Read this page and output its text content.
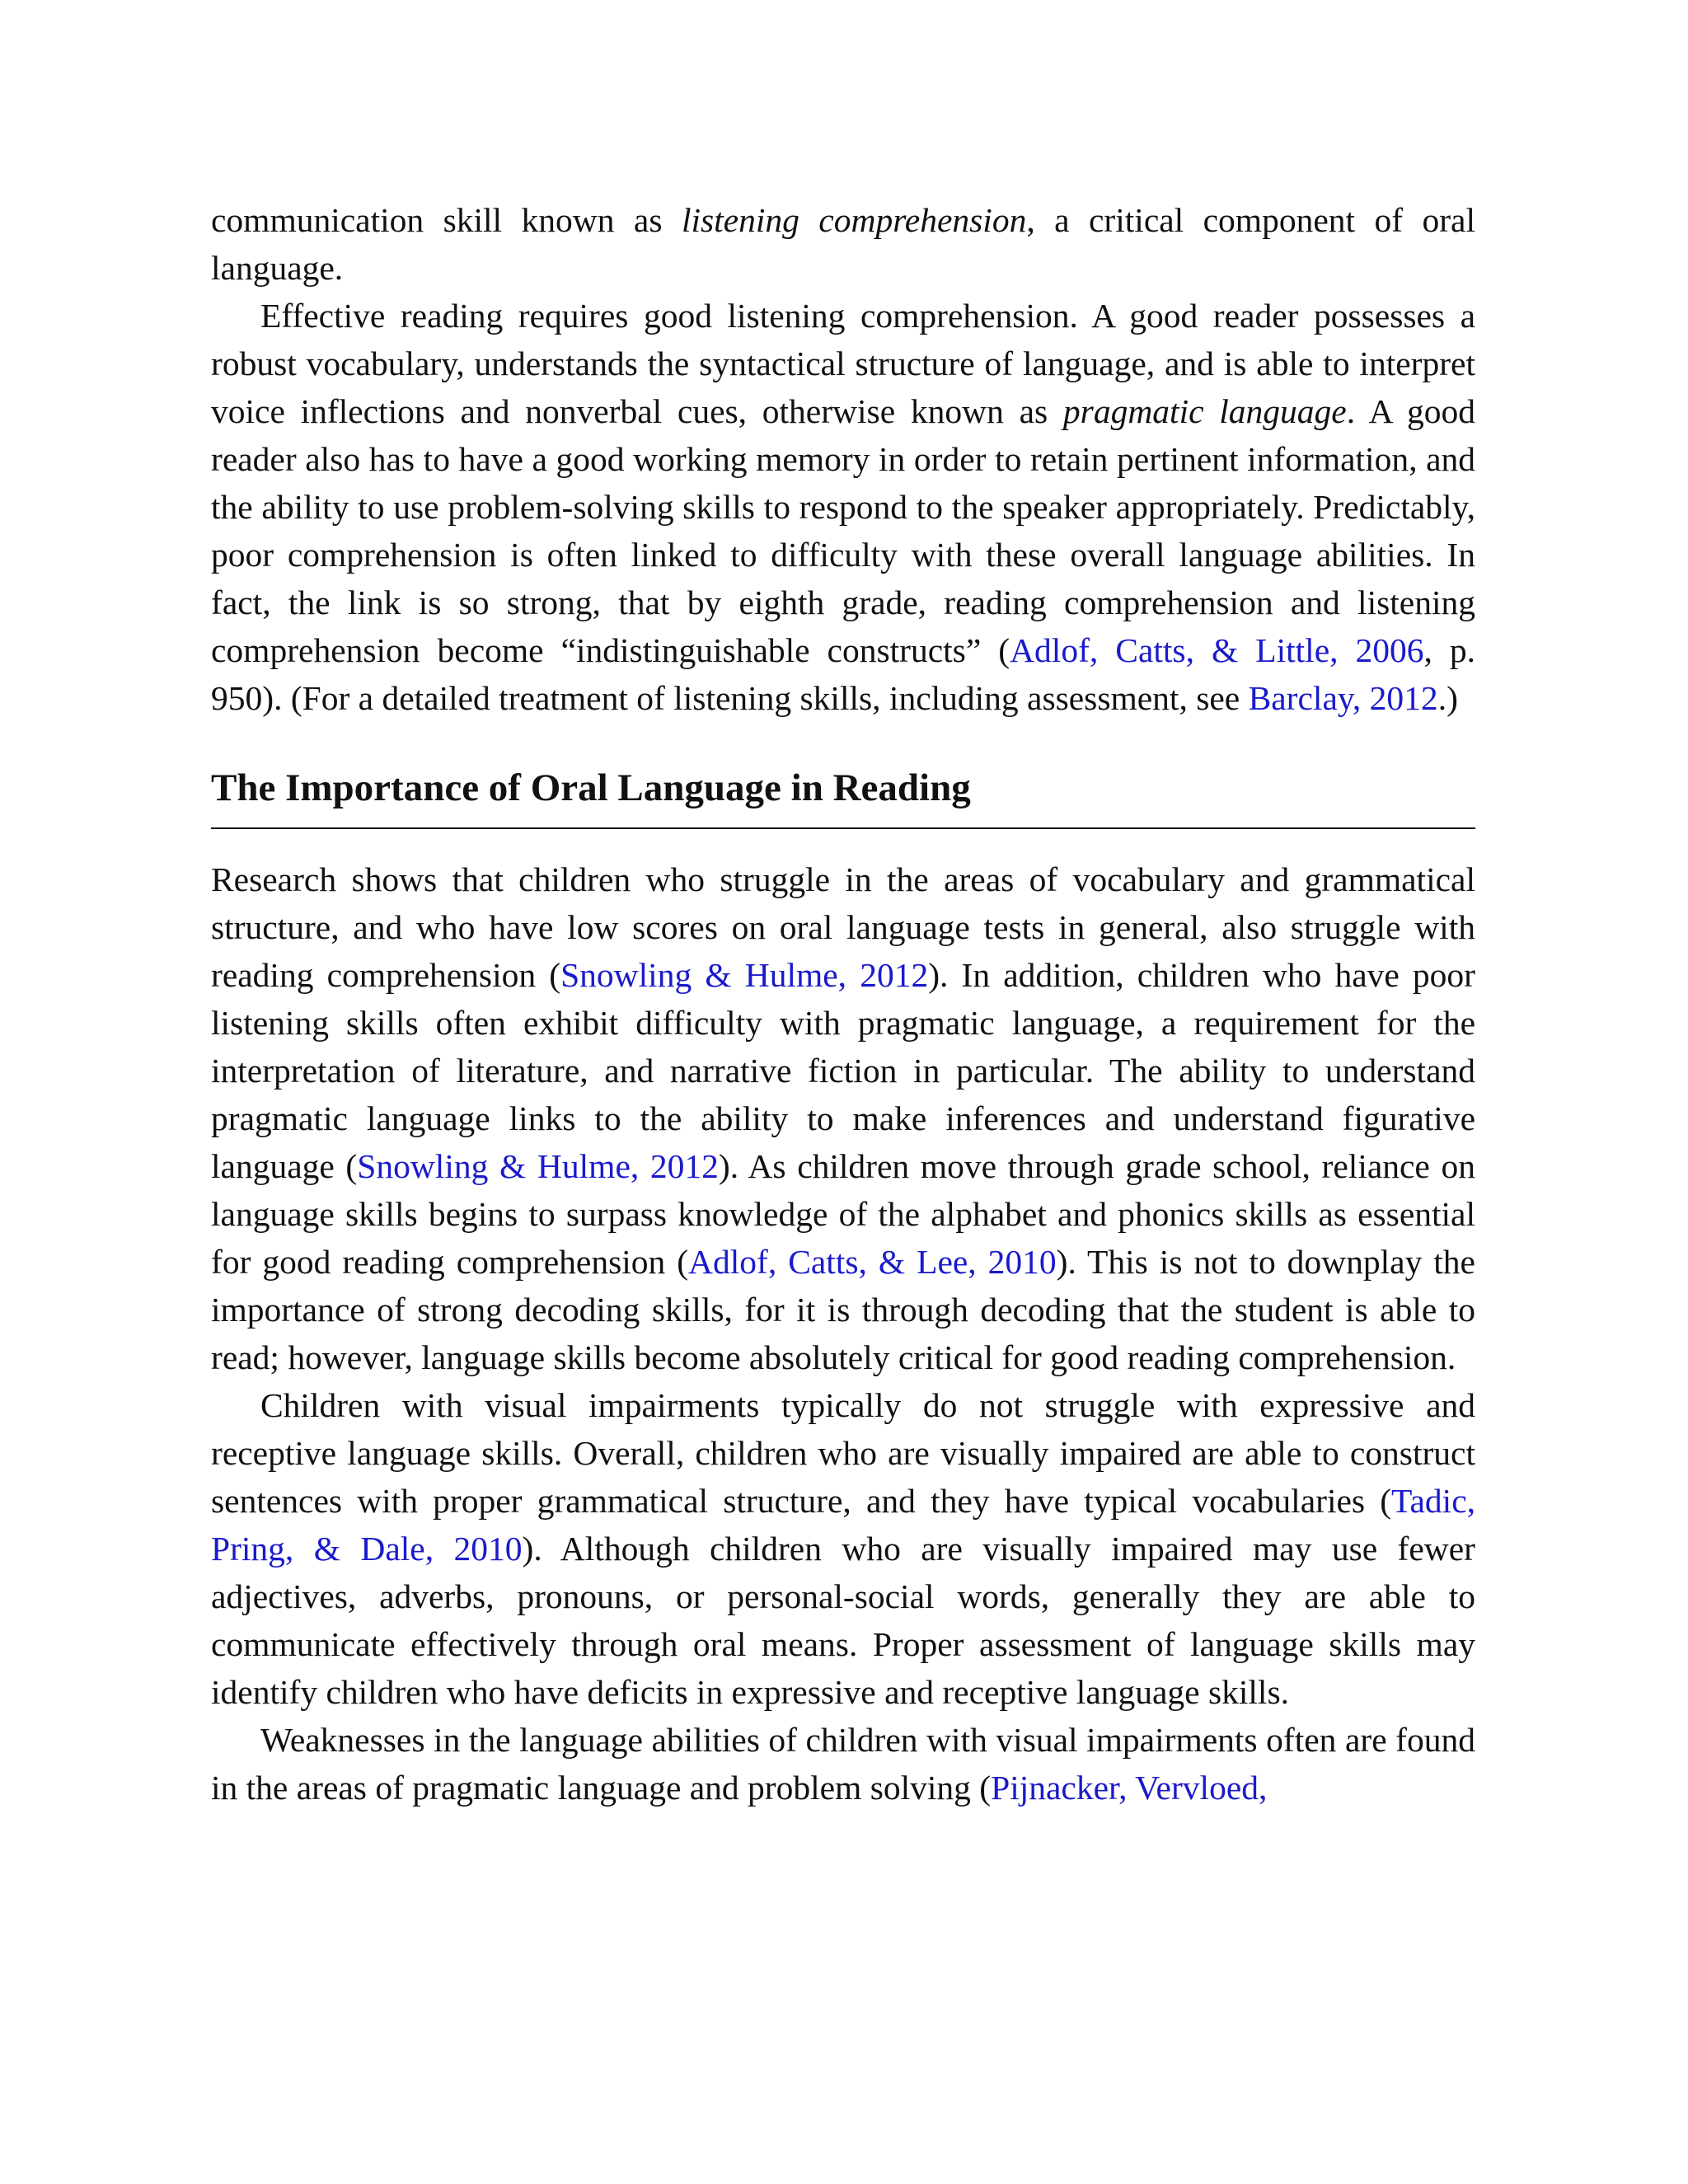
communication skill known as listening comprehension, a critical component of oral language.

Effective reading requires good listening comprehension. A good reader possesses a robust vocabulary, understands the syntactical structure of language, and is able to interpret voice inflections and nonverbal cues, otherwise known as pragmatic language. A good reader also has to have a good working memory in order to retain pertinent information, and the ability to use problem-solving skills to respond to the speaker appropriately. Predictably, poor comprehension is often linked to difficulty with these overall language abilities. In fact, the link is so strong, that by eighth grade, reading comprehension and listening comprehension become “indistinguishable constructs” (Adlof, Catts, & Little, 2006, p. 950). (For a detailed treatment of listening skills, including assessment, see Barclay, 2012.)

The Importance of Oral Language in Reading

Research shows that children who struggle in the areas of vocabulary and grammatical structure, and who have low scores on oral language tests in general, also struggle with reading comprehension (Snowling & Hulme, 2012). In addition, children who have poor listening skills often exhibit difficulty with pragmatic language, a requirement for the interpretation of literature, and narrative fiction in particular. The ability to understand pragmatic language links to the ability to make inferences and understand figurative language (Snowling & Hulme, 2012). As children move through grade school, reliance on language skills begins to surpass knowledge of the alphabet and phonics skills as essential for good reading comprehension (Adlof, Catts, & Lee, 2010). This is not to downplay the importance of strong decoding skills, for it is through decoding that the student is able to read; however, language skills become absolutely critical for good reading comprehension.

Children with visual impairments typically do not struggle with expressive and receptive language skills. Overall, children who are visually impaired are able to construct sentences with proper grammatical structure, and they have typical vocabularies (Tadic, Pring, & Dale, 2010). Although children who are visually impaired may use fewer adjectives, adverbs, pronouns, or personal-social words, generally they are able to communicate effectively through oral means. Proper assessment of language skills may identify children who have deficits in expressive and receptive language skills.

Weaknesses in the language abilities of children with visual impairments often are found in the areas of pragmatic language and problem solving (Pijnacker, Vervloed,
